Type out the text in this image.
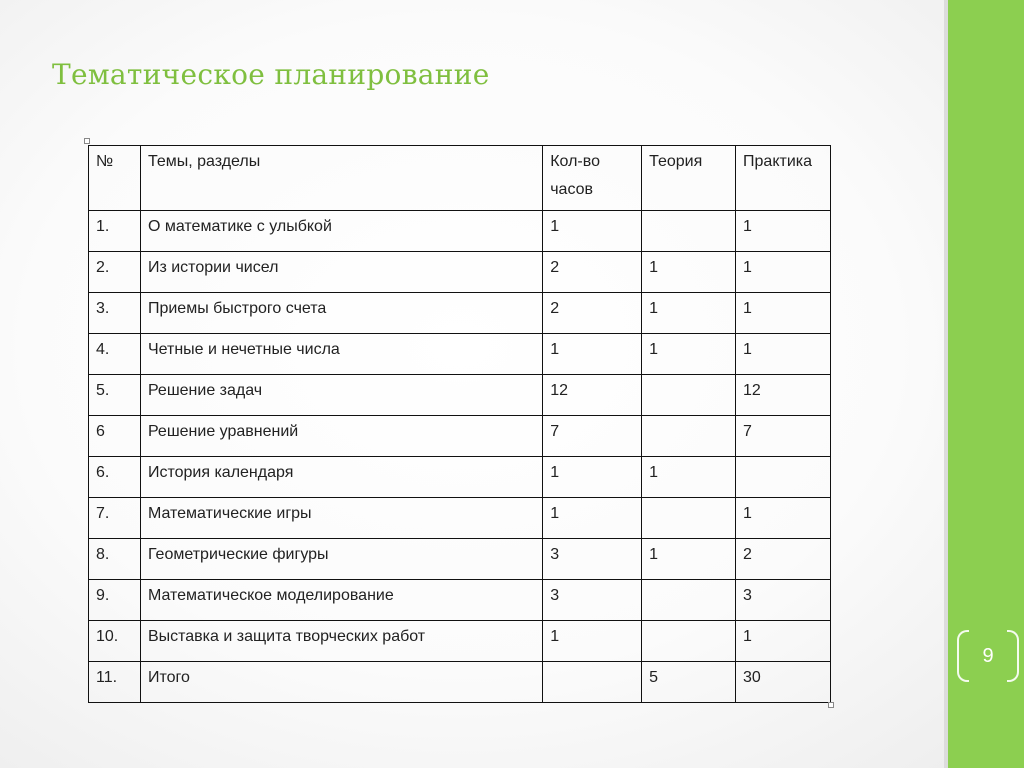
Тематическое планирование
№	Темы, разделы	Кол-во часов	Теория	Практика
1.	О математике с улыбкой	1		1
2.	Из истории чисел	2	1	1
3.	Приемы быстрого счета	2	1	1
4.	Четные и нечетные числа	1	1	1
5.	Решение задач	12		12
6	Решение уравнений	7		7
6.	История календаря	1	1	
7.	Математические игры	1		1
8.	Геометрические фигуры	3	1	2
9.	Математическое моделирование	3		3
10.	Выставка и защита творческих работ	1		1
11.	Итого		5	30
9
